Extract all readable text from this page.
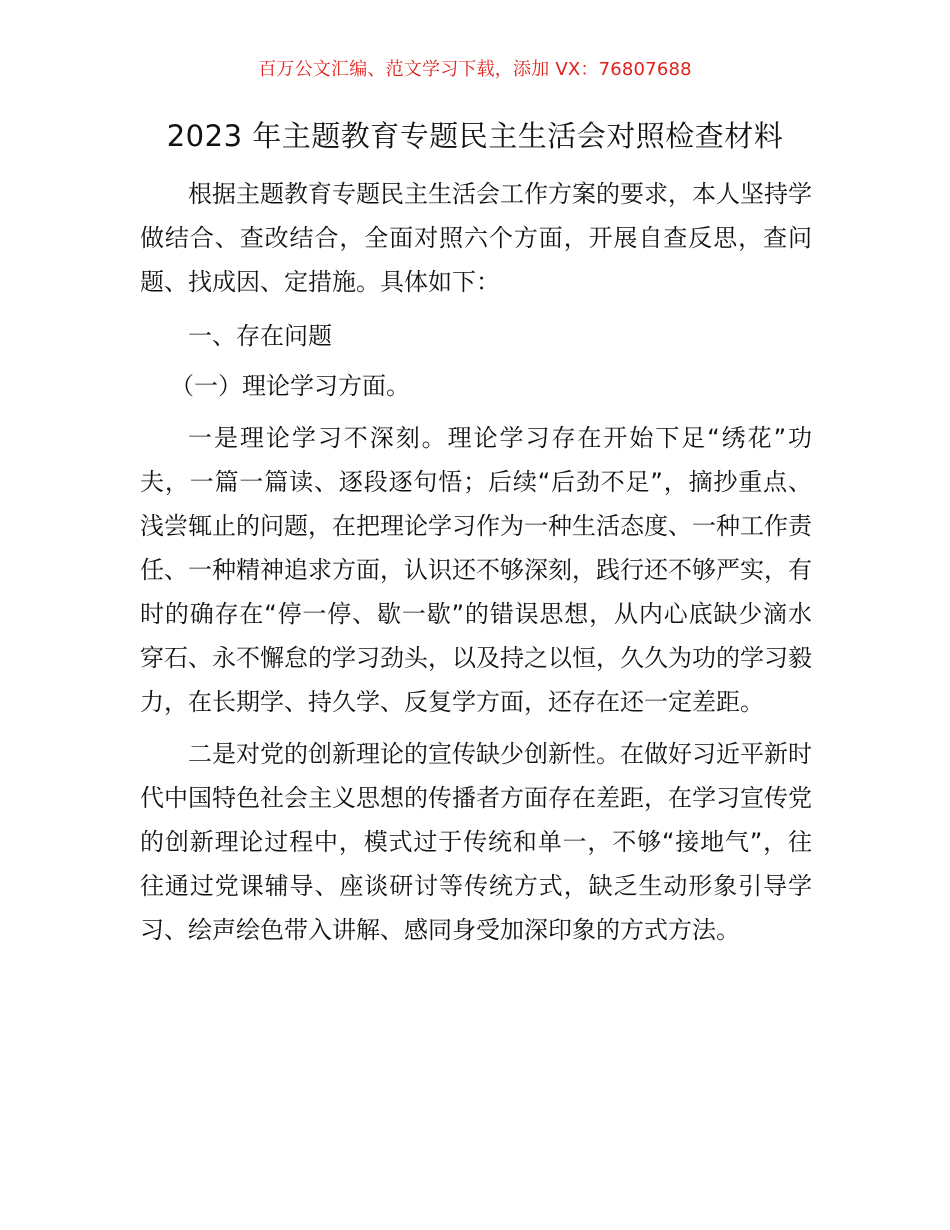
百万公文汇编、范文学习下载，添加 VX：76807688
2023 年主题教育专题民主生活会对照检查材料

根据主题教育专题民主生活会工作方案的要求，本人坚持学做结合、查改结合，全面对照六个方面，开展自查反思，查问题、找成因、定措施。具体如下：

一、存在问题

（一）理论学习方面。

一是理论学习不深刻。理论学习存在开始下足“绣花”功夫，一篇一篇读、逐段逐句悟；后续“后劲不足”，摘抄重点、浅尝辄止的问题，在把理论学习作为一种生活态度、一种工作责任、一种精神追求方面，认识还不够深刻，践行还不够严实，有时的确存在“停一停、歇一歇”的错误思想，从内心底缺少滴水穿石、永不懈怠的学习劲头，以及持之以恒，久久为功的学习毅力，在长期学、持久学、反复学方面，还存在还一定差距。

二是对党的创新理论的宣传缺少创新性。在做好习近平新时代中国特色社会主义思想的传播者方面存在差距，在学习宣传党的创新理论过程中，模式过于传统和单一，不够“接地气”，往往通过党课辅导、座谈研讨等传统方式，缺乏生动形象引导学习、绘声绘色带入讲解、感同身受加深印象的方式方法。
